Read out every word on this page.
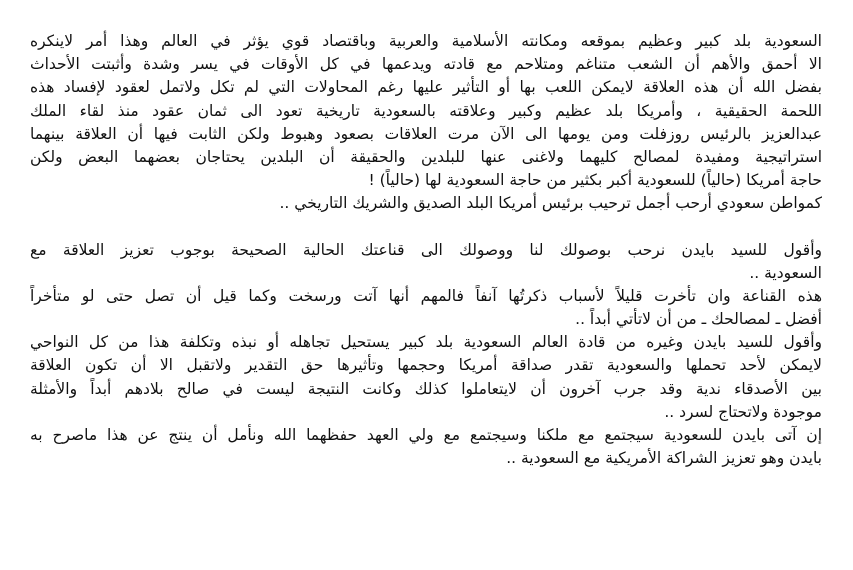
السعودية بلد كبير وعظيم بموقعه ومكانته الأسلامية والعربية وباقتصاد قوي يؤثر في العالم وهذا أمر لاينكره
الا أحمق والأهم أن الشعب متناغم ومتلاحم مع قادته ويدعمها في كل الأوقات في يسر وشدة وأثبتت الأحداث
بفضل الله أن هذه العلاقة لايمكن اللعب بها أو التأثير عليها رغم المحاولات التي لم تكل ولاتمل لعقود لإفساد هذه
اللحمة الحقيقية ، وأمريكا بلد عظيم وكبير وعلاقته بالسعودية تاريخية تعود الى ثمان عقود منذ لقاء الملك
عبدالعزيز بالرئيس روزفلت ومن يومها الى الآن مرت العلاقات بصعود وهبوط ولكن الثابت فيها أن العلاقة بينهما
استراتيجية ومفيدة لمصالح كليهما ولاغنى عنها للبلدين والحقيقة أن البلدين يحتاجان بعضهما البعض ولكن
حاجة أمريكا (حالياً) للسعودية أكبر بكثير من حاجة السعودية لها (حالياً) !
كمواطن سعودي أرحب أجمل ترحيب برئيس أمريكا البلد الصديق والشريك التاريخي ..
وأقول للسيد بايدن نرحب بوصولك لنا ووصولك الى قناعتك الحالية الصحيحة بوجوب تعزيز العلاقة مع
السعودية ..
هذه القناعة وان تأخرت قليلاً لأسباب ذكرتُها آنفاً فالمهم أنها آتت ورسخت وكما قيل أن تصل حتى لو متأخراً
أفضل ـ لمصالحك ـ من أن لاتأتي أبداً ..
وأقول للسيد بايدن وغيره من قادة العالم السعودية بلد كبير يستحيل تجاهله أو نبذه وتكلفة هذا من كل النواحي
لايمكن لأحد تحملها والسعودية تقدر صداقة أمريكا وحجمها وتأثيرها حق التقدير ولاتقبل الا أن تكون العلاقة
بين الأصدقاء ندية وقد جرب آخرون أن لايتعاملوا كذلك وكانت النتيجة ليست في صالح بلادهم أبداً والأمثلة
موجودة ولاتحتاج لسرد ..
إن آتى بايدن للسعودية سيجتمع مع ملكنا وسيجتمع مع ولي العهد حفظهما الله ونأمل أن ينتج عن هذا ماصرح به
بايدن وهو تعزيز الشراكة الأمريكية مع السعودية ..
